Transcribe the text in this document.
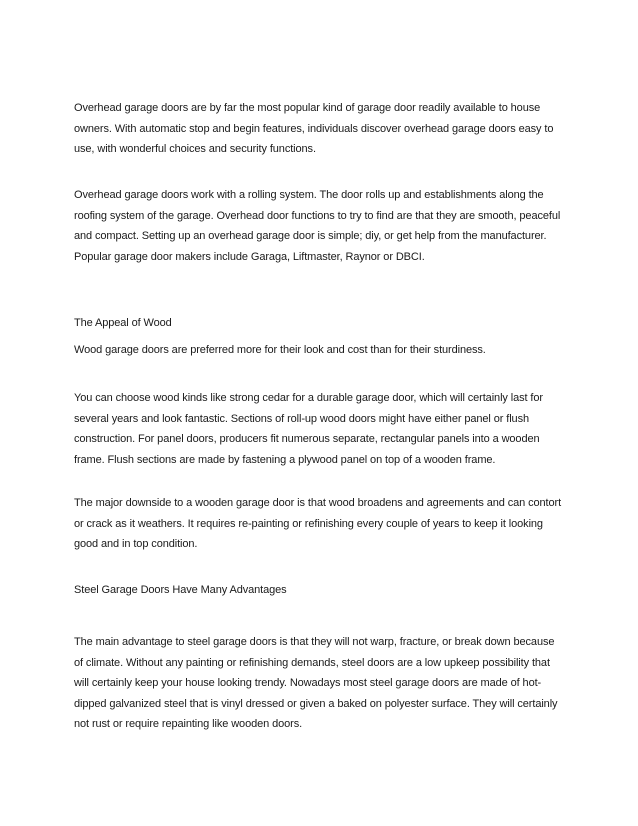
Overhead garage doors are by far the most popular kind of garage door readily available to house owners. With automatic stop and begin features, individuals discover overhead garage doors easy to use, with wonderful choices and security functions.

Overhead garage doors work with a rolling system. The door rolls up and establishments along the roofing system of the garage. Overhead door functions to try to find are that they are smooth, peaceful and compact. Setting up an overhead garage door is simple; diy, or get help from the manufacturer. Popular garage door makers include Garaga, Liftmaster, Raynor or DBCI.

The Appeal of Wood

Wood garage doors are preferred more for their look and cost than for their sturdiness.

You can choose wood kinds like strong cedar for a durable garage door, which will certainly last for several years and look fantastic. Sections of roll-up wood doors might have either panel or flush construction. For panel doors, producers fit numerous separate, rectangular panels into a wooden frame. Flush sections are made by fastening a plywood panel on top of a wooden frame.

The major downside to a wooden garage door is that wood broadens and agreements and can contort or crack as it weathers. It requires re-painting or refinishing every couple of years to keep it looking good and in top condition.

Steel Garage Doors Have Many Advantages

The main advantage to steel garage doors is that they will not warp, fracture, or break down because of climate. Without any painting or refinishing demands, steel doors are a low upkeep possibility that will certainly keep your house looking trendy. Nowadays most steel garage doors are made of hot-dipped galvanized steel that is vinyl dressed or given a baked on polyester surface. They will certainly not rust or require repainting like wooden doors.
